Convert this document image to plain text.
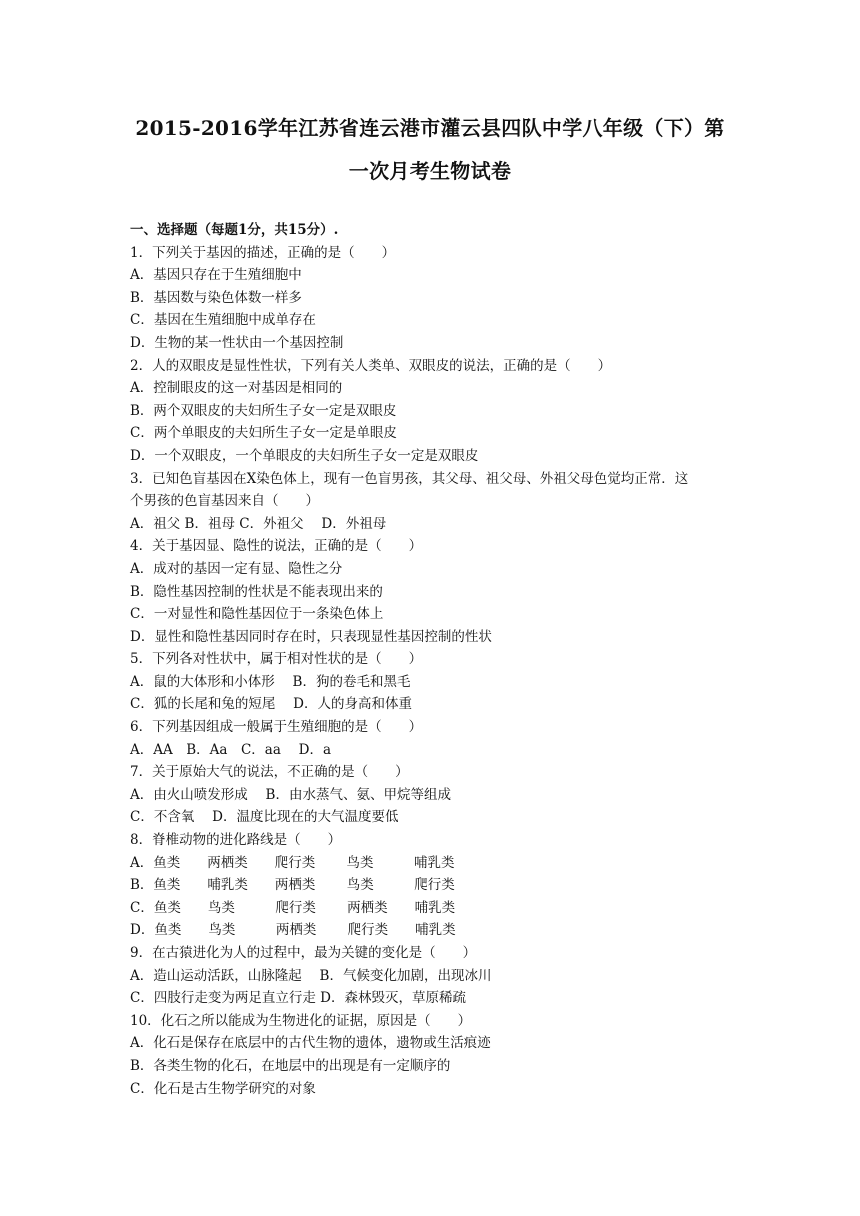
2015-2016学年江苏省连云港市灌云县四队中学八年级（下）第
一次月考生物试卷
一、选择题（每题1分，共15分）.
1．下列关于基因的描述，正确的是（　　）
A．基因只存在于生殖细胞中
B．基因数与染色体数一样多
C．基因在生殖细胞中成单存在
D．生物的某一性状由一个基因控制
2．人的双眼皮是显性性状，下列有关人类单、双眼皮的说法，正确的是（　　）
A．控制眼皮的这一对基因是相同的
B．两个双眼皮的夫妇所生子女一定是双眼皮
C．两个单眼皮的夫妇所生子女一定是单眼皮
D．一个双眼皮，一个单眼皮的夫妇所生子女一定是双眼皮
3．已知色盲基因在X染色体上，现有一色盲男孩，其父母、祖父母、外祖父母色觉均正常．这
个男孩的色盲基因来自（　　）
A．祖父 B．祖母 C．外祖父　 D．外祖母
4．关于基因显、隐性的说法，正确的是（　　）
A．成对的基因一定有显、隐性之分
B．隐性基因控制的性状是不能表现出来的
C．一对显性和隐性基因位于一条染色体上
D．显性和隐性基因同时存在时，只表现显性基因控制的性状
5．下列各对性状中，属于相对性状的是（　　）
A．鼠的大体形和小体形　 B．狗的卷毛和黑毛
C．狐的长尾和兔的短尾　 D．人的身高和体重
6．下列基因组成一般属于生殖细胞的是（　　）
A．AA　B．Aa　C．aa　 D．a
7．关于原始大气的说法，不正确的是（　　）
A．由火山喷发形成　 B．由水蒸气、氨、甲烷等组成
C．不含氧　 D．温度比现在的大气温度要低
8．脊椎动物的进化路线是（　　）
A．鱼类　　两栖类　　爬行类　　 鸟类　　　哺乳类
B．鱼类　　哺乳类　　两栖类　　 鸟类　　　爬行类
C．鱼类　　鸟类　　　爬行类　　 两栖类　　哺乳类
D．鱼类　　鸟类　　　两栖类　　 爬行类　　哺乳类
9．在古猿进化为人的过程中，最为关键的变化是（　　）
A．造山运动活跃，山脉隆起　 B．气候变化加剧，出现冰川
C．四肢行走变为两足直立行走 D．森林毁灭，草原稀疏
10．化石之所以能成为生物进化的证据，原因是（　　）
A．化石是保存在底层中的古代生物的遗体，遗物或生活痕迹
B．各类生物的化石，在地层中的出现是有一定顺序的
C．化石是古生物学研究的对象
